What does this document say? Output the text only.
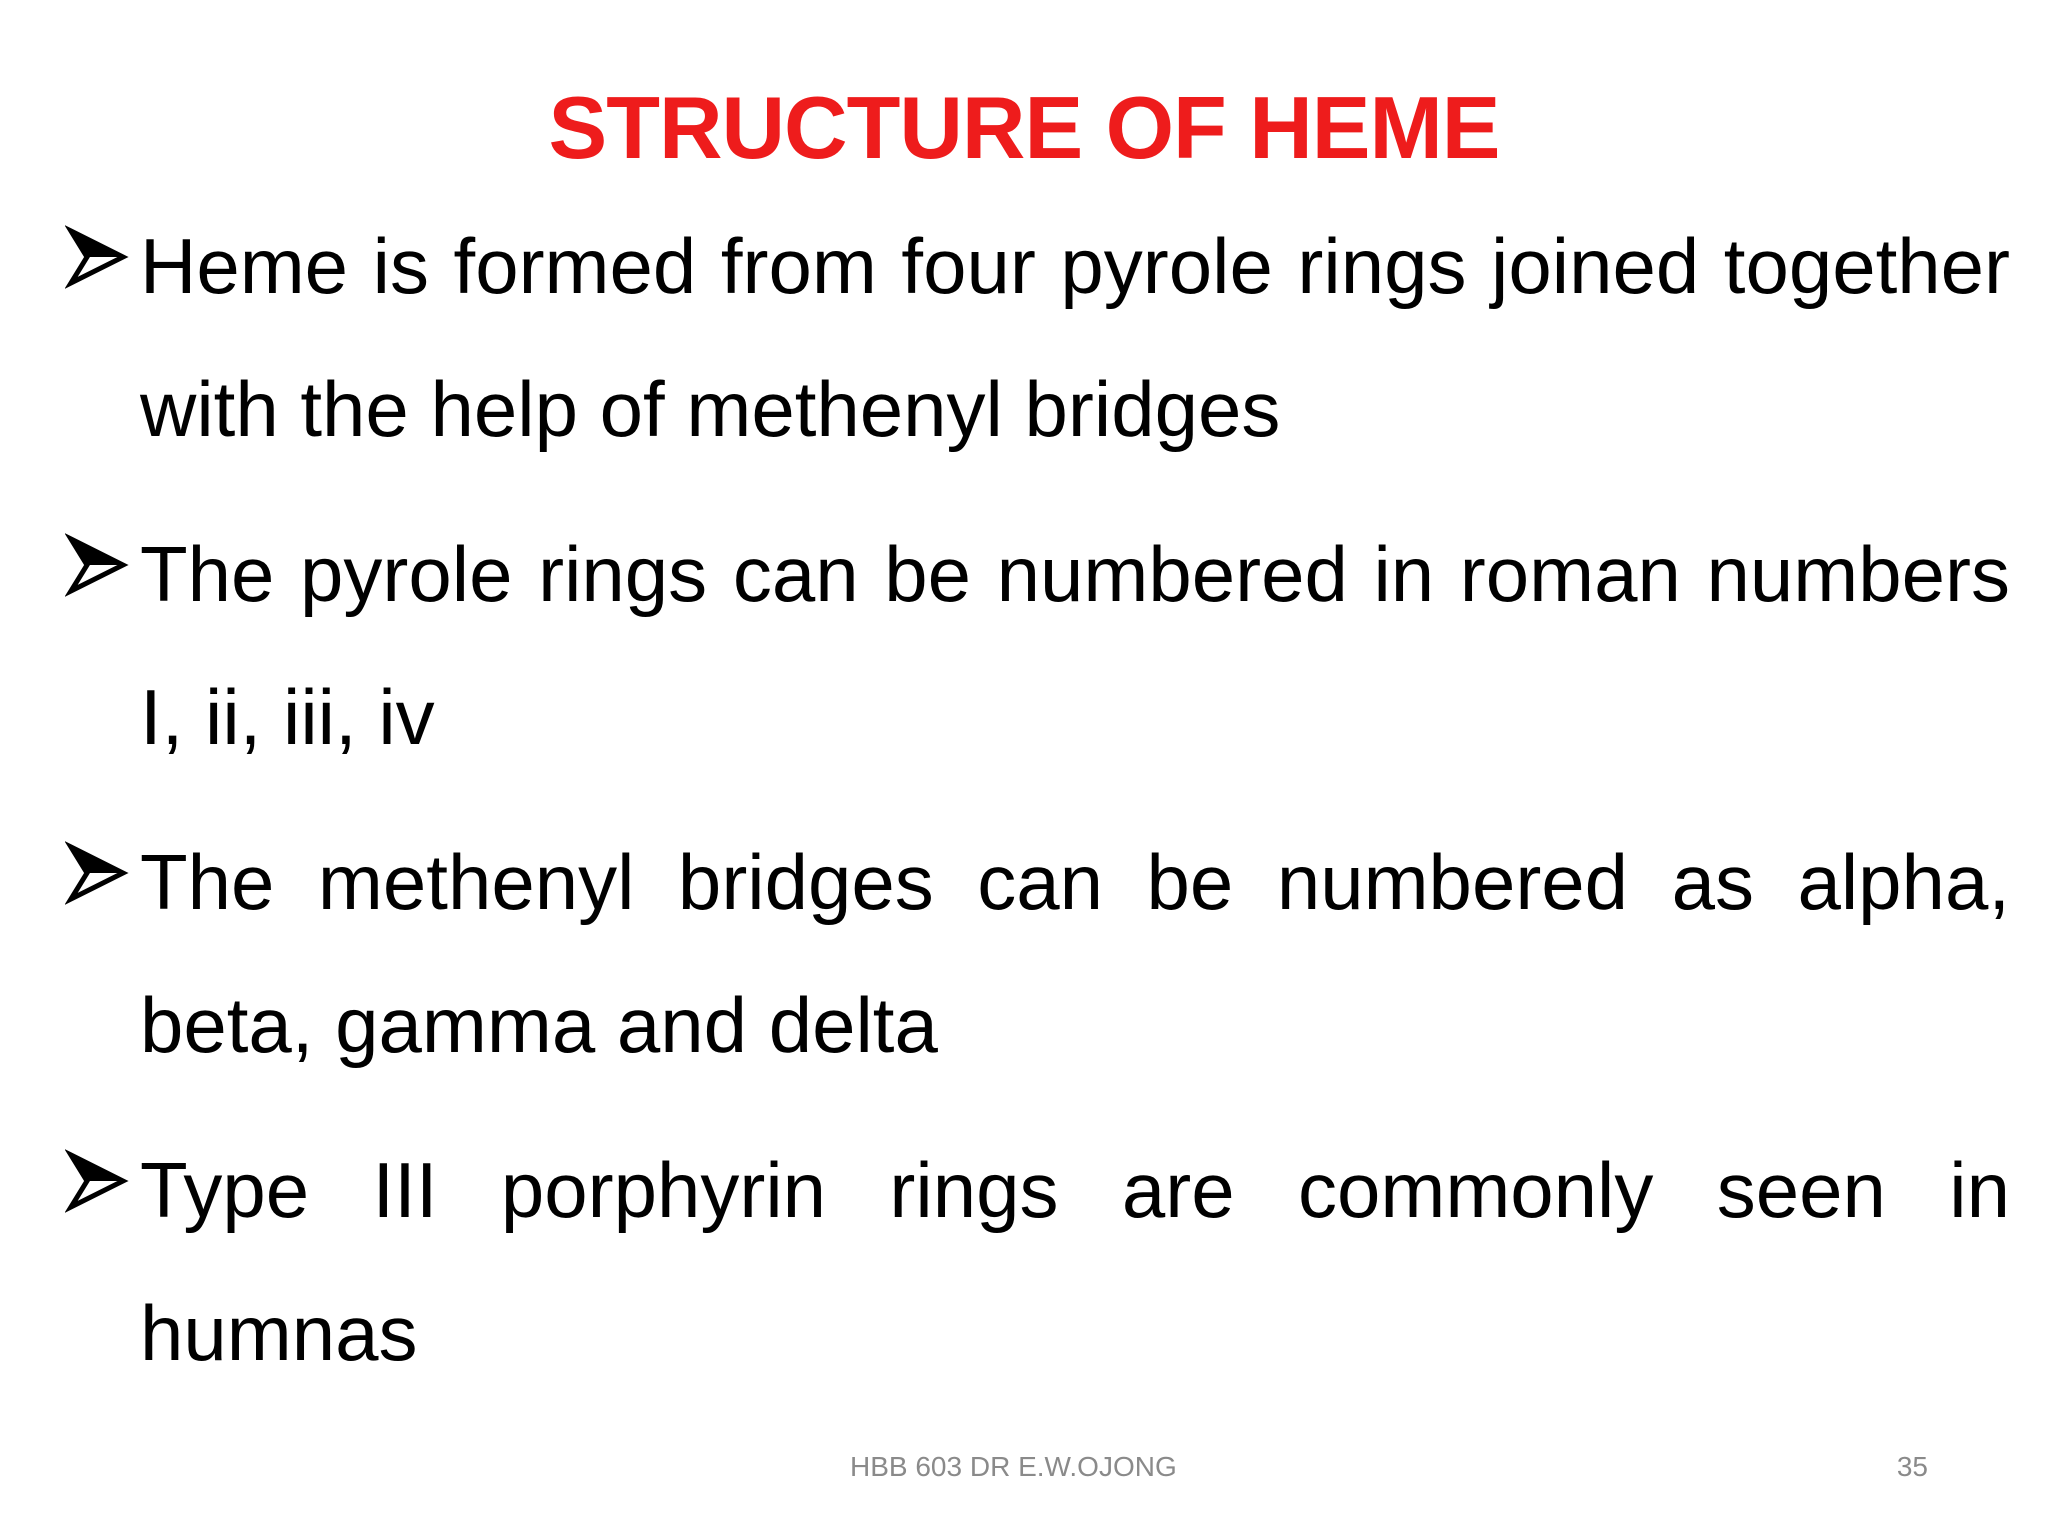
STRUCTURE OF HEME

Heme is formed from four pyrole rings joined together with the help of methenyl bridges

The pyrole rings can be numbered in roman numbers I, ii, iii, iv

The methenyl bridges can be numbered as alpha, beta, gamma and delta

Type III porphyrin rings are commonly seen in humnas

HBB 603 DR E.W.OJONG	35
